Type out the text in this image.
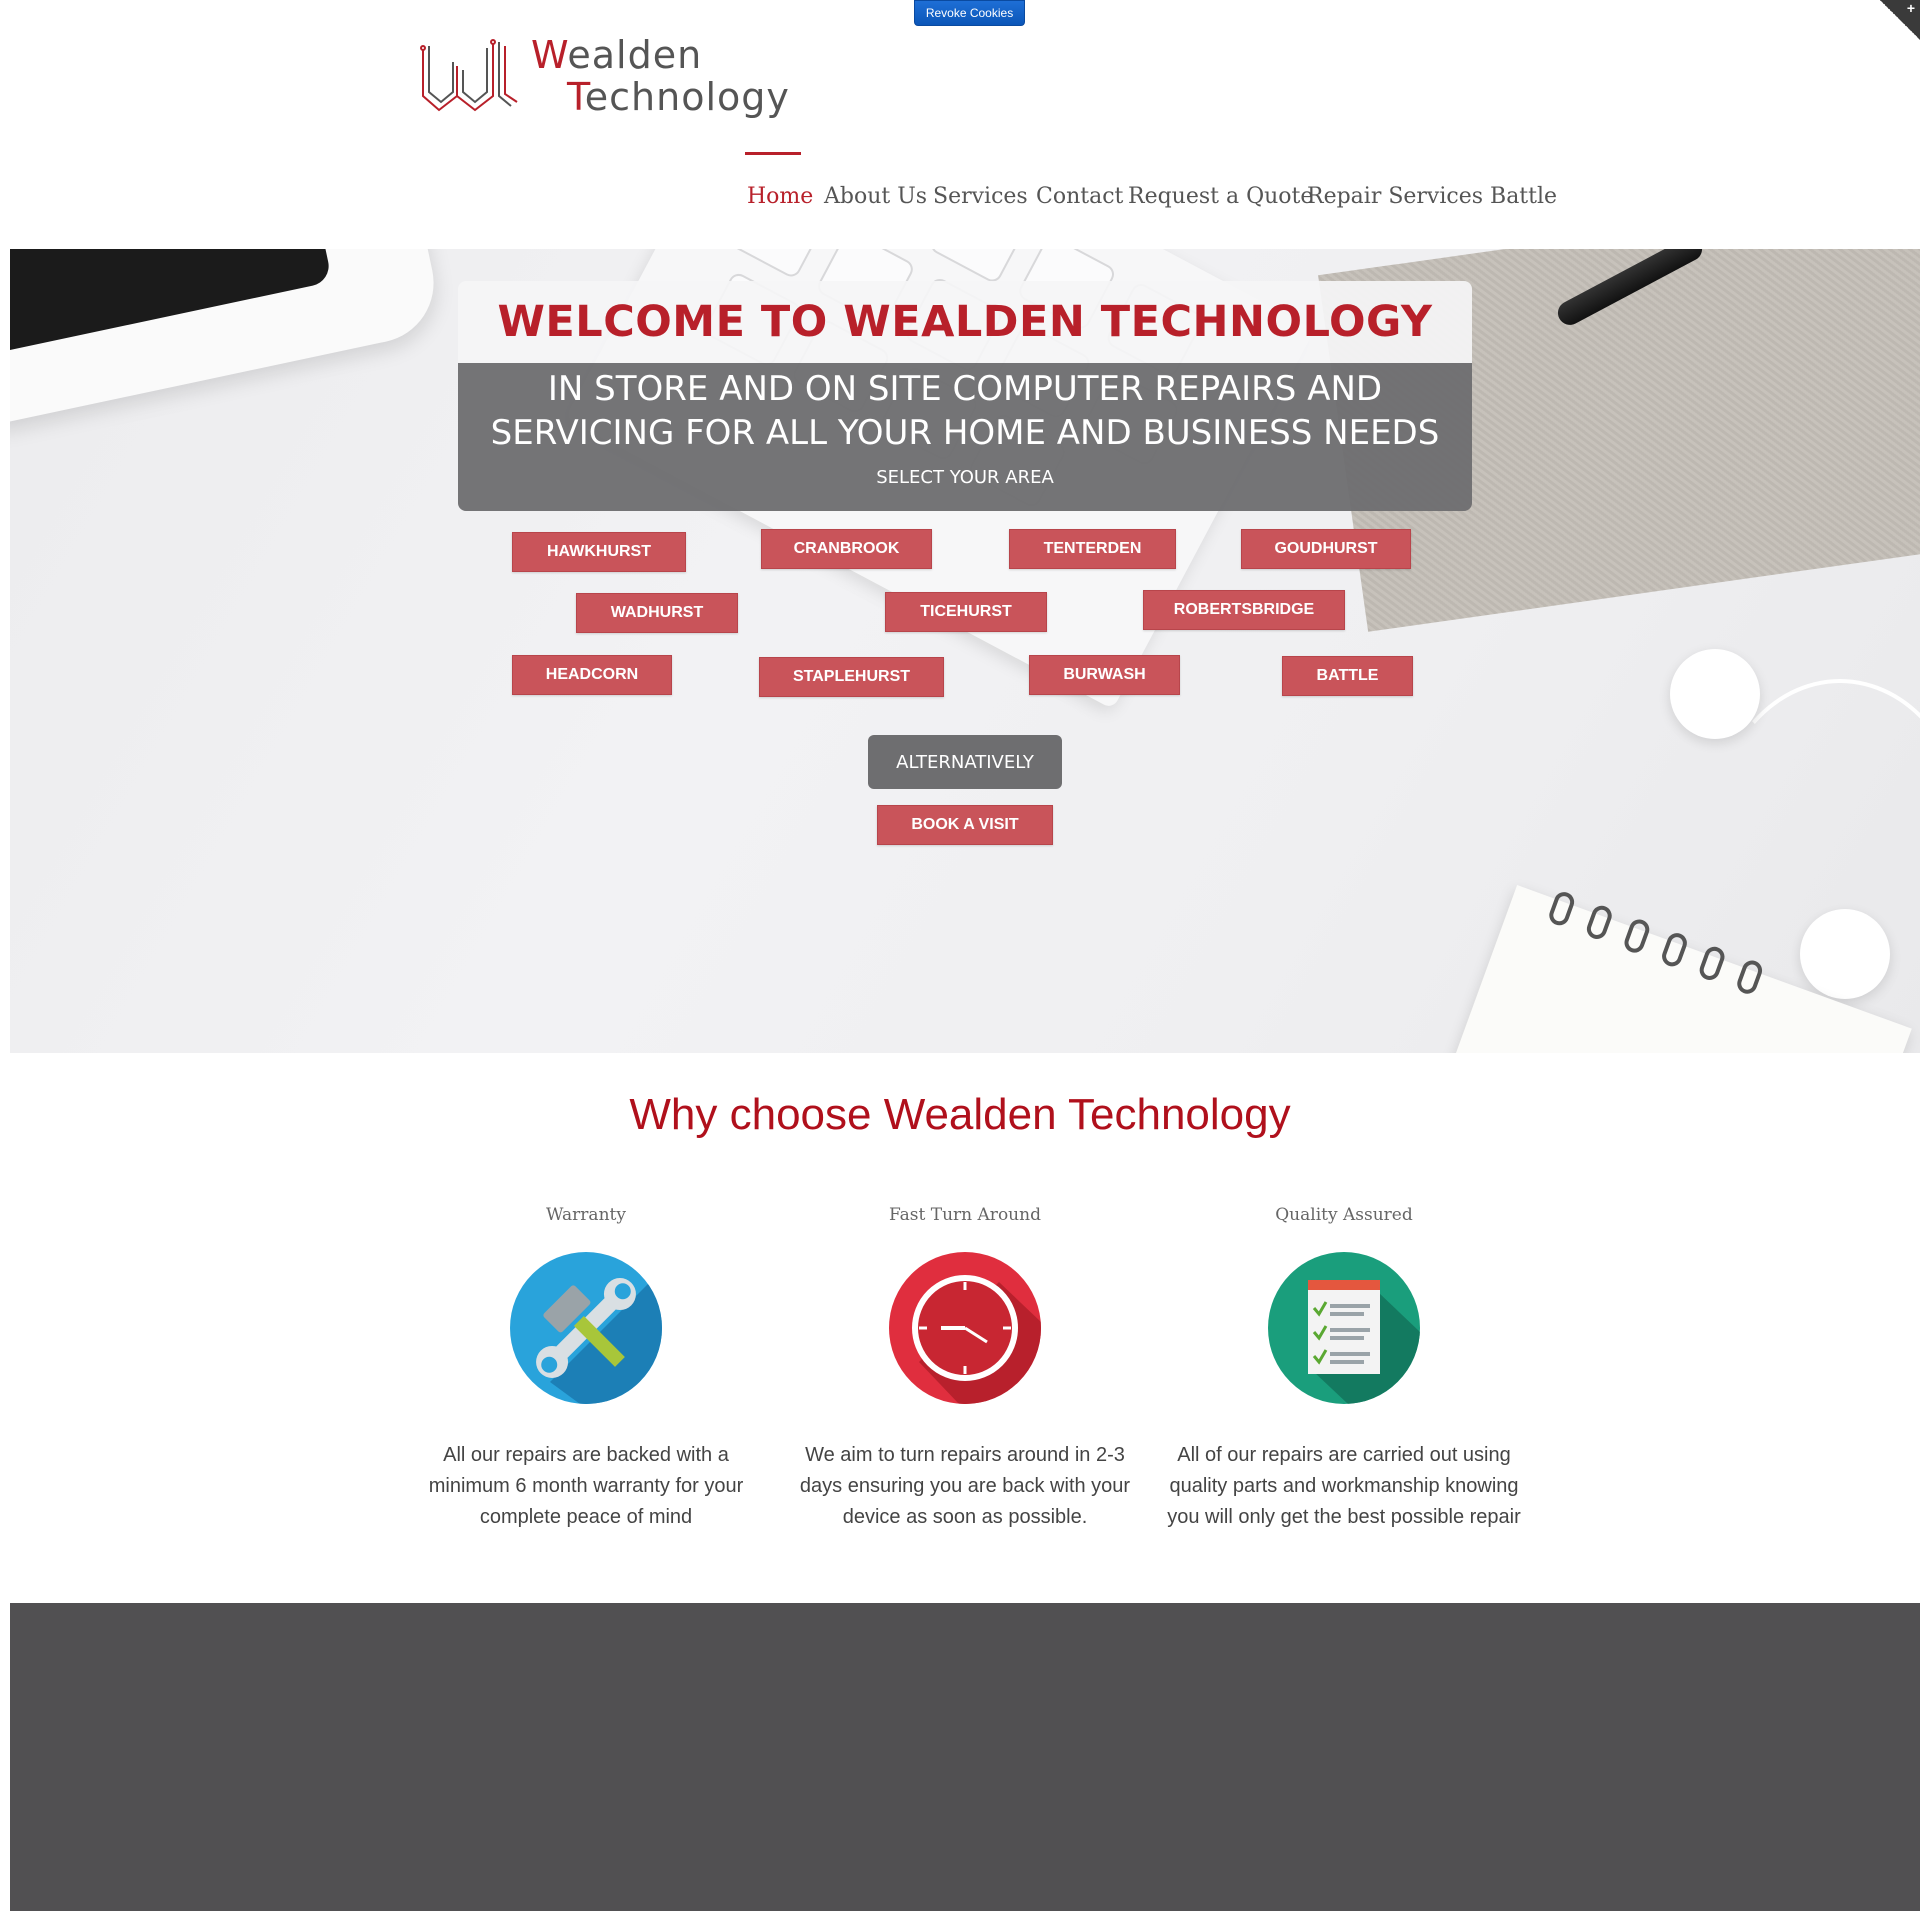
Revoke Cookies	+
Wealden
Technology
Home About Us Services Contact Request a Quote
Repair Services Battle
WELCOME TO WEALDEN TECHNOLOGY
IN STORE AND ON SITE COMPUTER REPAIRS AND
SERVICING FOR ALL YOUR HOME AND BUSINESS NEEDS
SELECT YOUR AREA
HAWKHURST	CRANBROOK	TENTERDEN	GOUDHURST
WADHURST	TICEHURST	ROBERTSBRIDGE
HEADCORN	STAPLEHURST	BURWASH	BATTLE
ALTERNATIVELY
BOOK A VISIT
Why choose Wealden Technology
Warranty
All our repairs are backed with a minimum 6 month warranty for your complete peace of mind
Fast Turn Around
We aim to turn repairs around in 2-3 days ensuring you are back with your device as soon as possible.
Quality Assured
All of our repairs are carried out using quality parts and workmanship knowing you will only get the best possible repair
